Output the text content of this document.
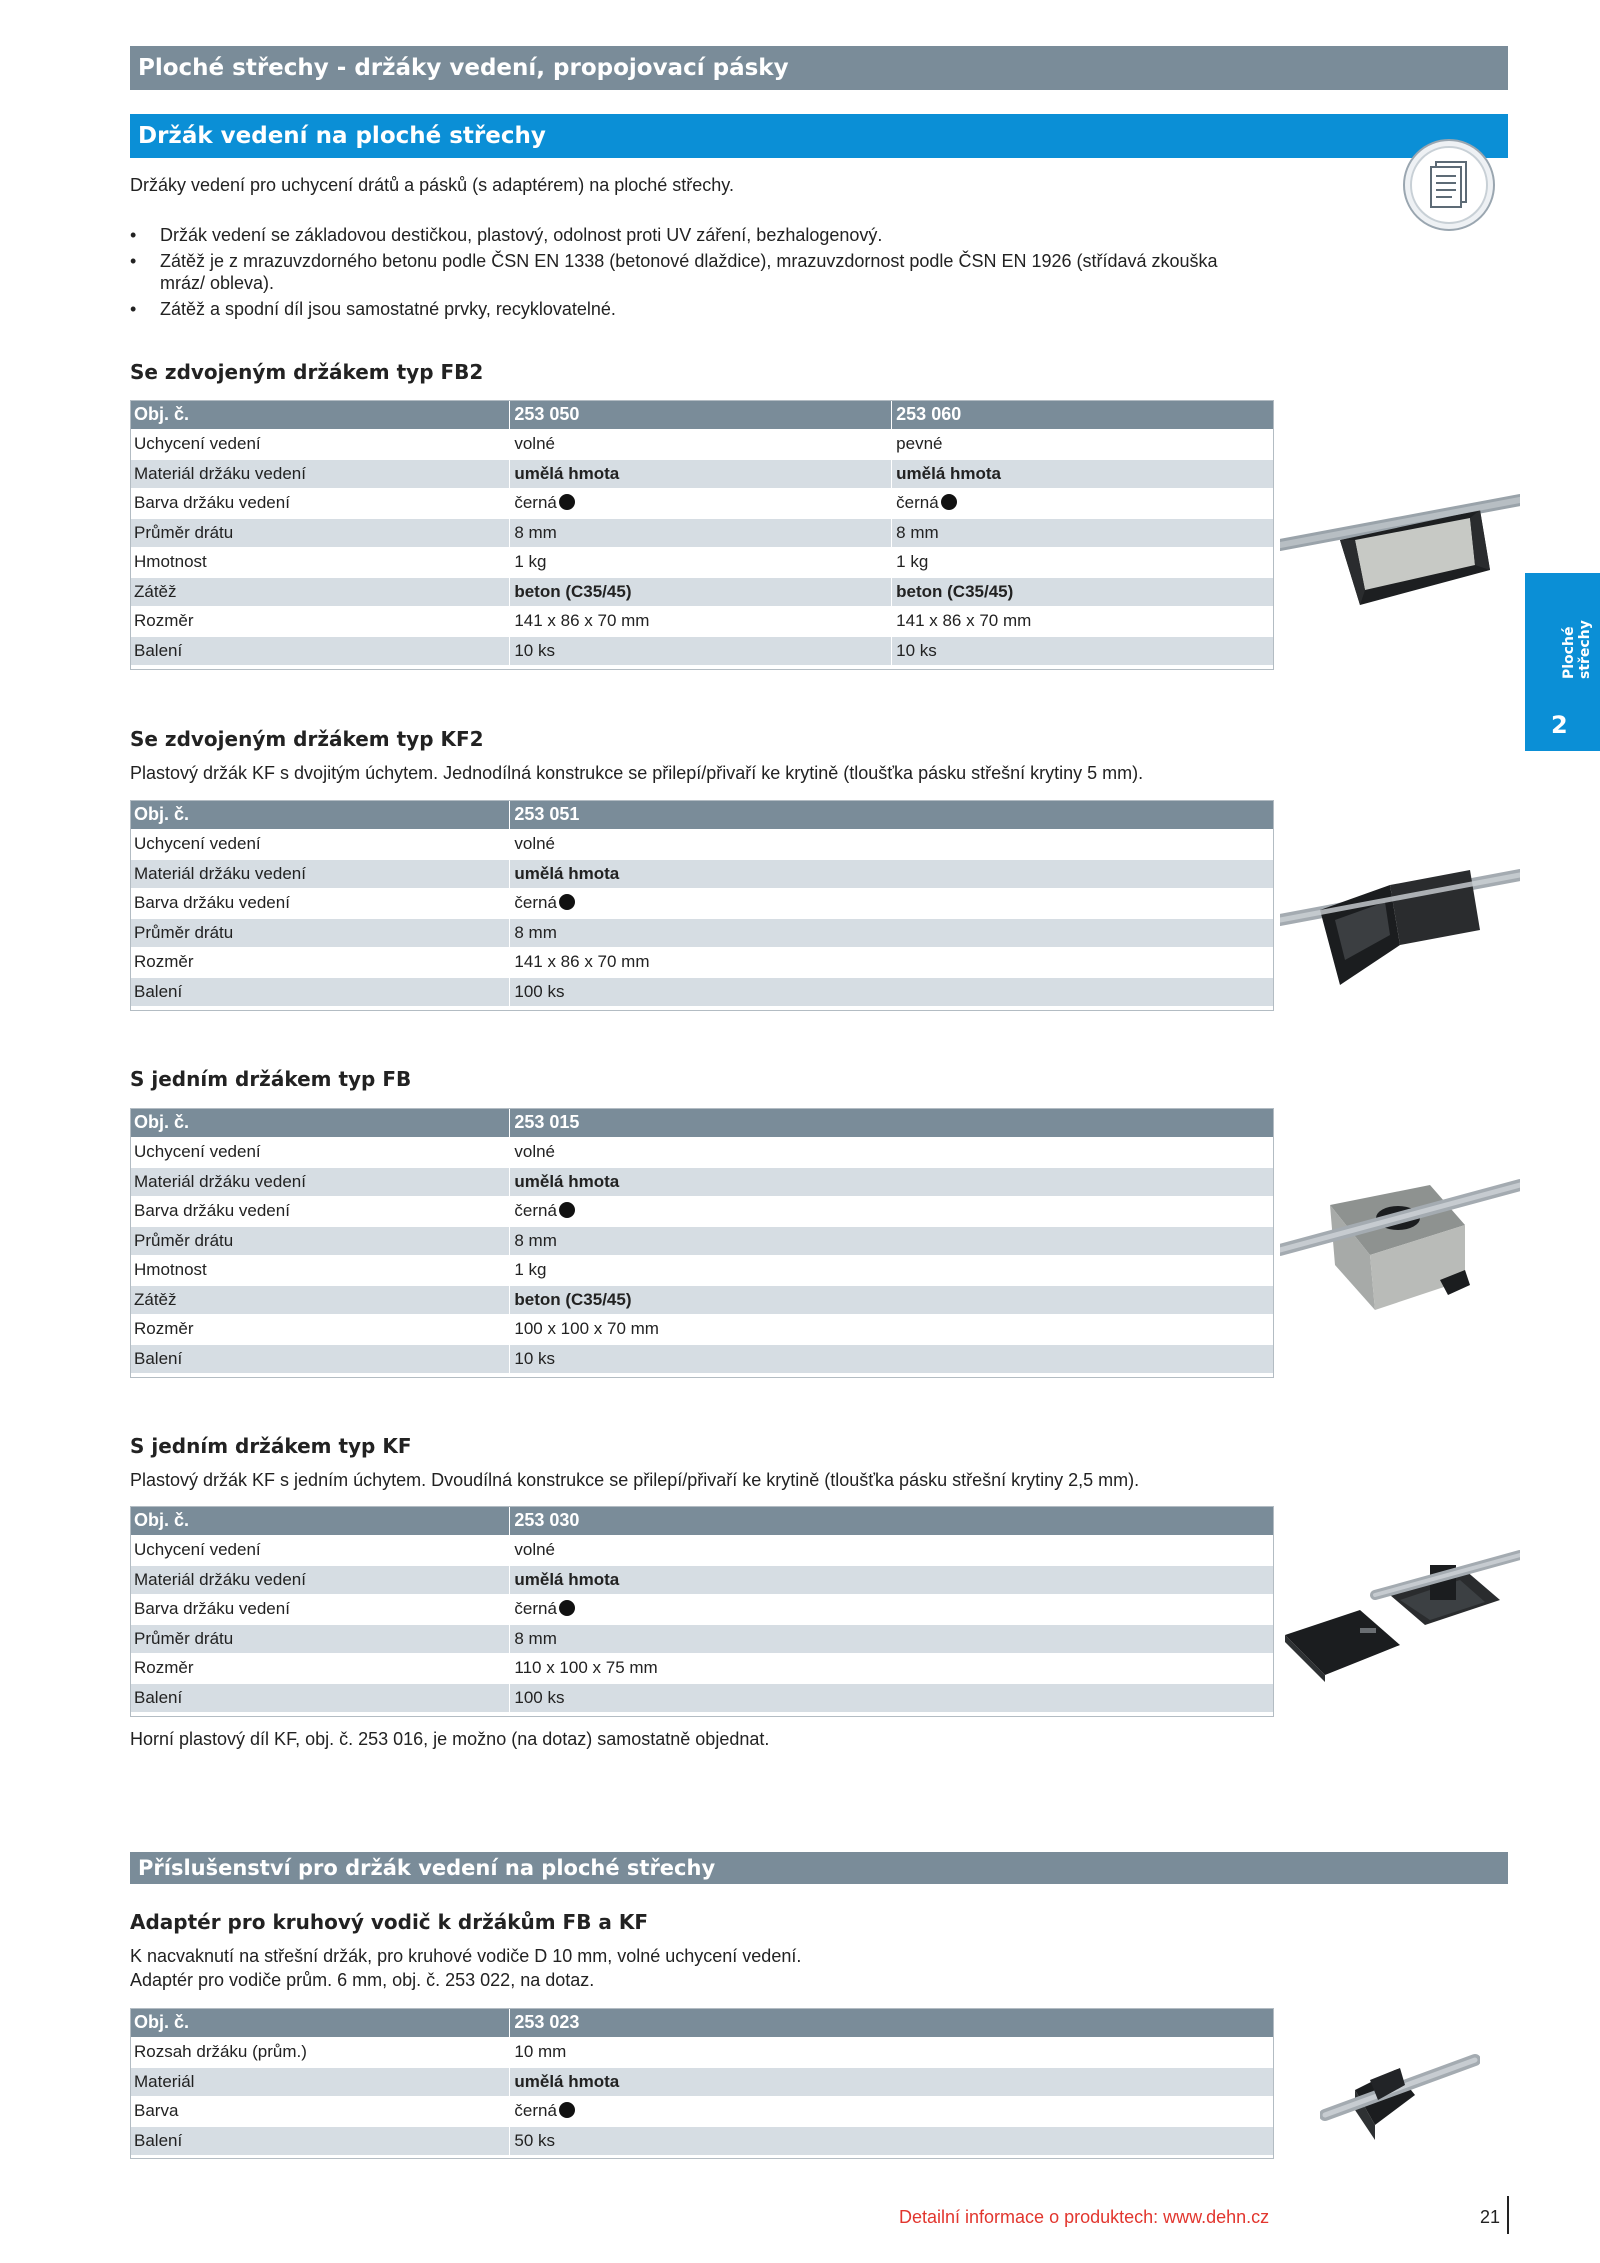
Ploché střechy - držáky vedení, propojovací pásky
Držák vedení na ploché střechy
Držáky vedení pro uchycení drátů a pásků (s adaptérem) na ploché střechy.
• Držák vedení se základovou destičkou, plastový, odolnost proti UV záření, bezhalogenový.
• Zátěž je z mrazuvzdorného betonu podle ČSN EN 1338 (betonové dlaždice), mrazuvzdornost podle ČSN EN 1926 (střídavá zkouška mráz/ obleva).
• Zátěž a spodní díl jsou samostatné prvky, recyklovatelné.
Ploché střechy
2
Se zdvojeným držákem typ FB2
Obj. č.	253 050	253 060
Uchycení vedení	volné	pevné
Materiál držáku vedení	umělá hmota	umělá hmota
Barva držáku vedení	černá	černá
Průměr drátu	8 mm	8 mm
Hmotnost	1 kg	1 kg
Zátěž	beton (C35/45)	beton (C35/45)
Rozměr	141 x 86 x 70 mm	141 x 86 x 70 mm
Balení	10 ks	10 ks
Se zdvojeným držákem typ KF2
Plastový držák KF s dvojitým úchytem. Jednodílná konstrukce se přilepí/přivaří ke krytině (tloušťka pásku střešní krytiny 5 mm).
Obj. č.	253 051
Uchycení vedení	volné
Materiál držáku vedení	umělá hmota
Barva držáku vedení	černá
Průměr drátu	8 mm
Rozměr	141 x 86 x 70 mm
Balení	100 ks
S jedním držákem typ FB
Obj. č.	253 015
Uchycení vedení	volné
Materiál držáku vedení	umělá hmota
Barva držáku vedení	černá
Průměr drátu	8 mm
Hmotnost	1 kg
Zátěž	beton (C35/45)
Rozměr	100 x 100 x 70 mm
Balení	10 ks
S jedním držákem typ KF
Plastový držák KF s jedním úchytem. Dvoudílná konstrukce se přilepí/přivaří ke krytině (tloušťka pásku střešní krytiny 2,5 mm).
Obj. č.	253 030
Uchycení vedení	volné
Materiál držáku vedení	umělá hmota
Barva držáku vedení	černá
Průměr drátu	8 mm
Rozměr	110 x 100 x 75 mm
Balení	100 ks
Horní plastový díl KF, obj. č. 253 016, je možno (na dotaz) samostatně objednat.
Příslušenství pro držák vedení na ploché střechy
Adaptér pro kruhový vodič k držákům FB a KF
K nacvaknutí na střešní držák, pro kruhové vodiče D 10 mm, volné uchycení vedení.
Adaptér pro vodiče prům. 6 mm, obj. č. 253 022, na dotaz.
Obj. č.	253 023
Rozsah držáku (prům.)	10 mm
Materiál	umělá hmota
Barva	černá
Balení	50 ks
Detailní informace o produktech: www.dehn.cz	21
